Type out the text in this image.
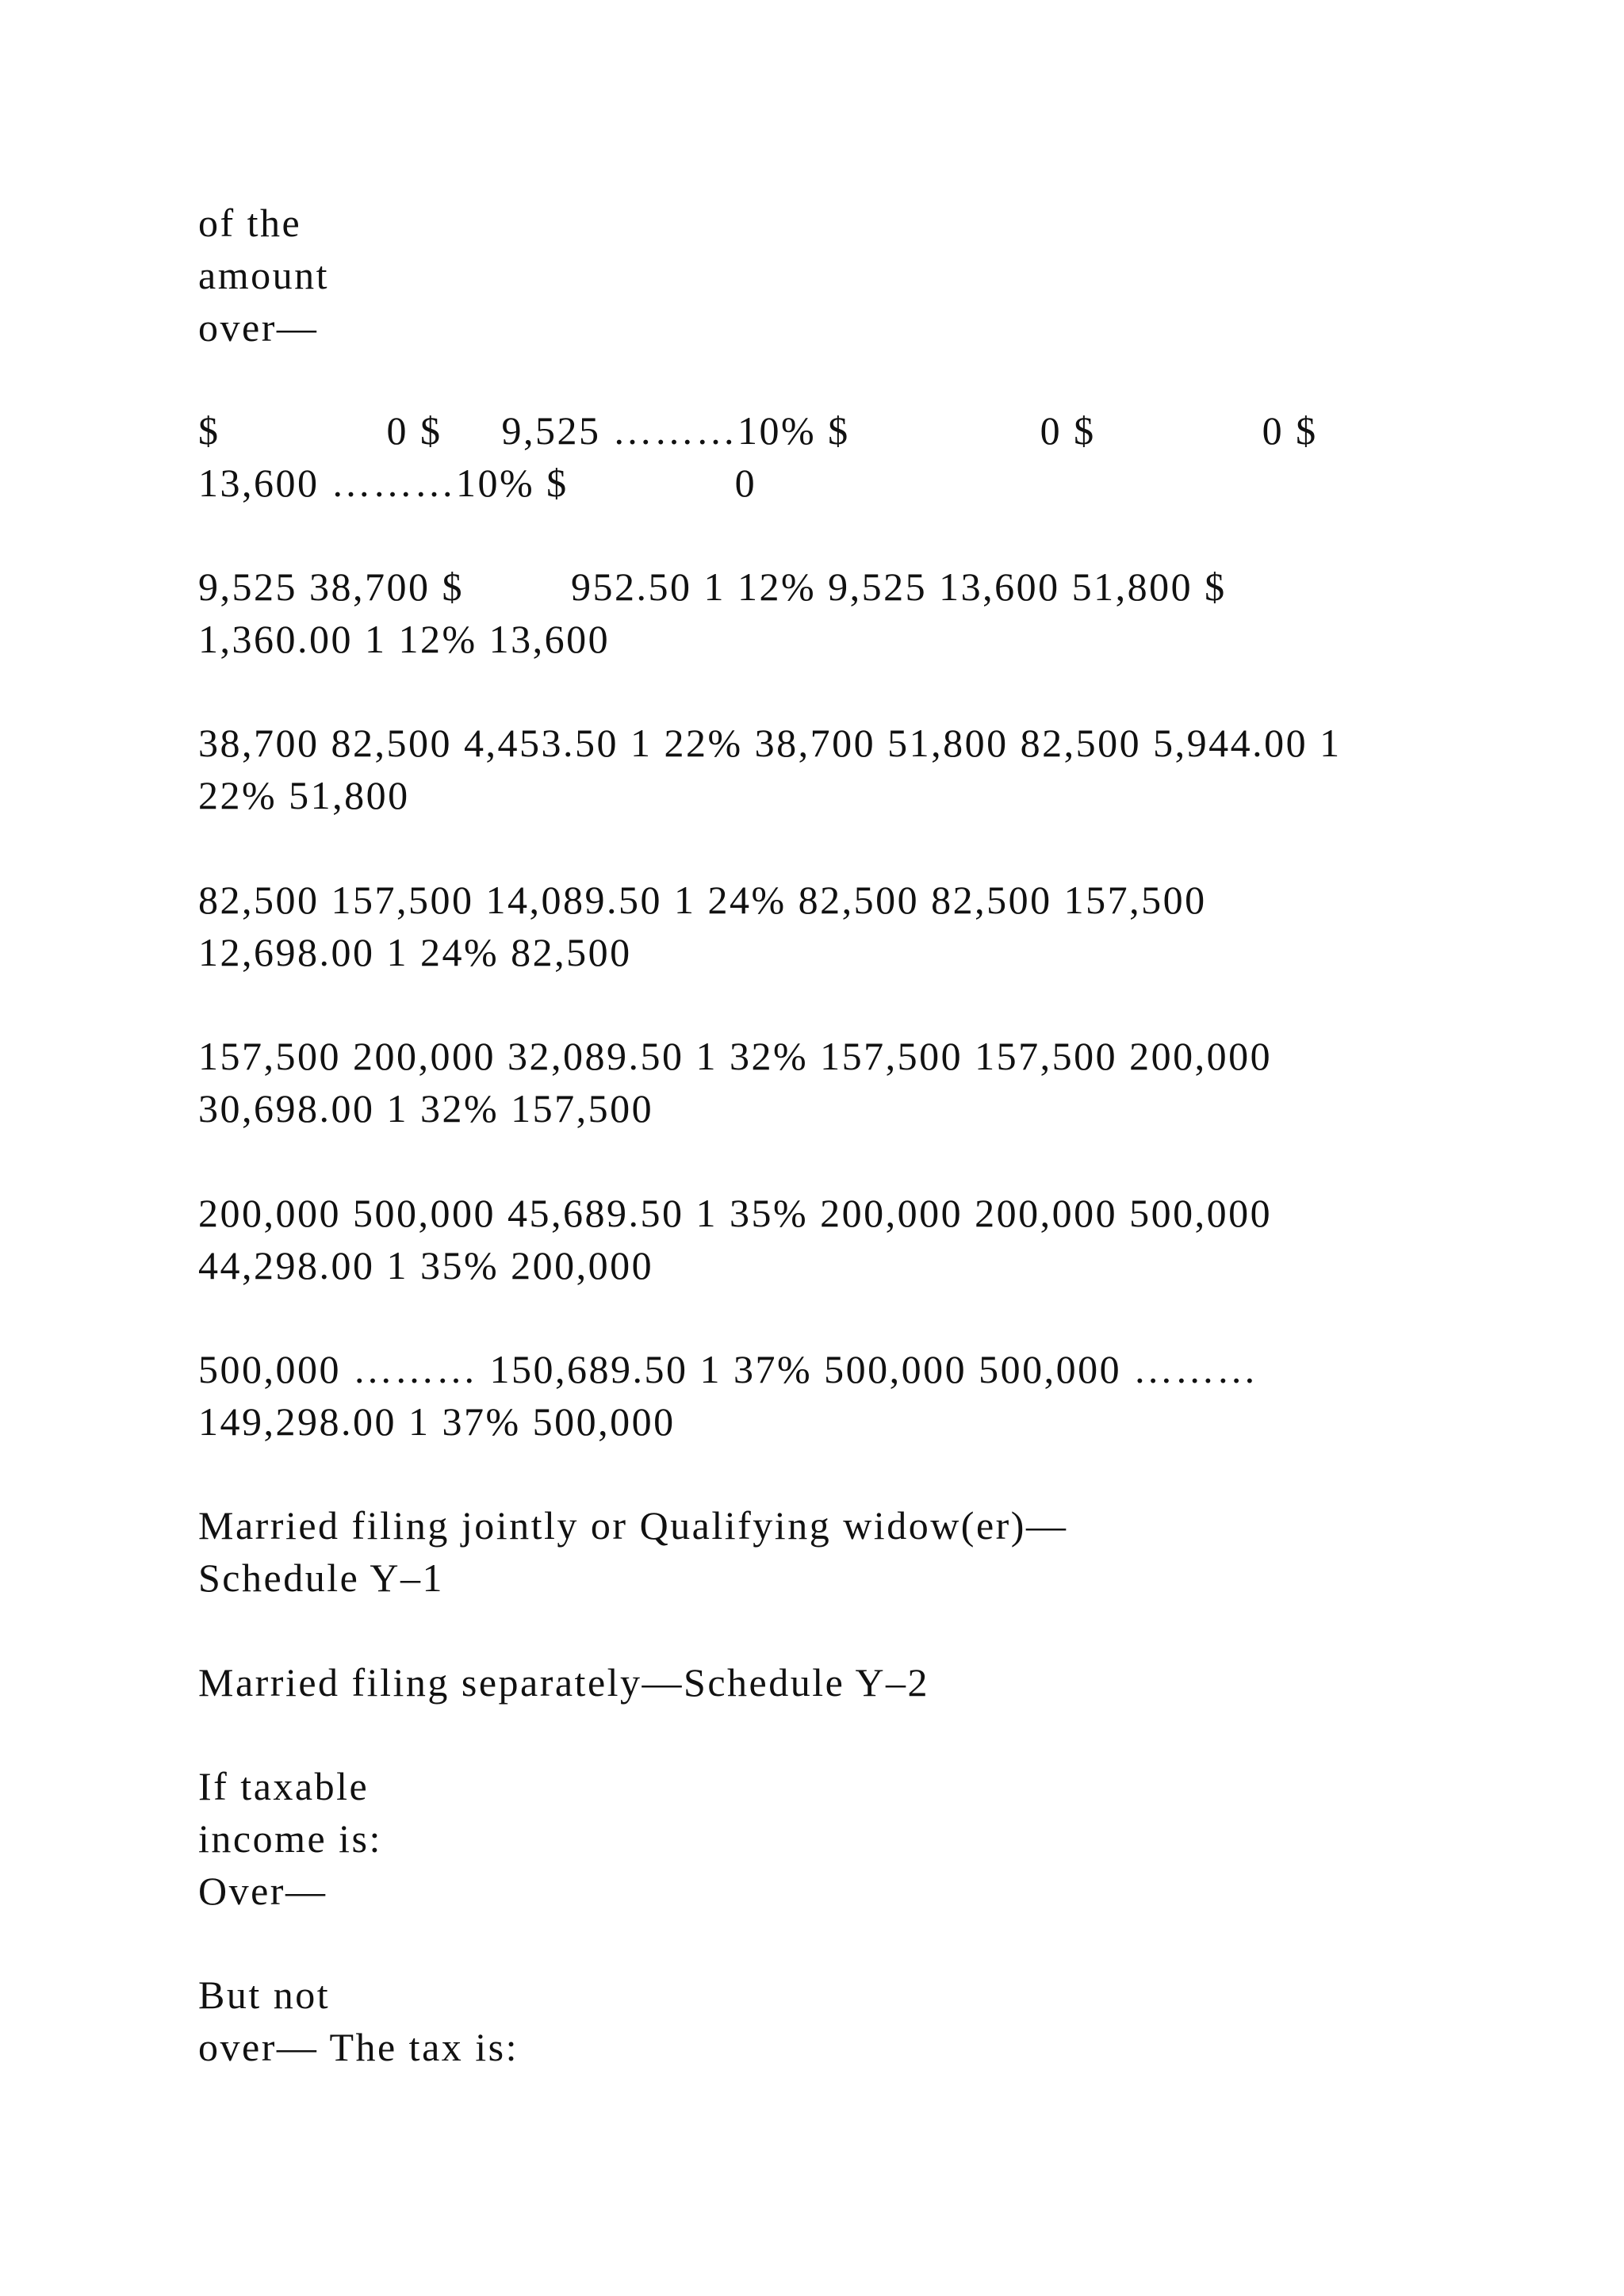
of the
amount
over—
$              0 $     9,525 ………10% $                0 $              0 $
13,600 ………10% $              0
9,525 38,700 $         952.50 1 12% 9,525 13,600 51,800 $
1,360.00 1 12% 13,600
38,700 82,500 4,453.50 1 22% 38,700 51,800 82,500 5,944.00 1
22% 51,800
82,500 157,500 14,089.50 1 24% 82,500 82,500 157,500
12,698.00 1 24% 82,500
157,500 200,000 32,089.50 1 32% 157,500 157,500 200,000
30,698.00 1 32% 157,500
200,000 500,000 45,689.50 1 35% 200,000 200,000 500,000
44,298.00 1 35% 200,000
500,000 ……… 150,689.50 1 37% 500,000 500,000 ………
149,298.00 1 37% 500,000
Married filing jointly or Qualifying widow(er)—
Schedule Y–1
Married filing separately—Schedule Y–2
If taxable
income is:
Over—
But not
over— The tax is:
